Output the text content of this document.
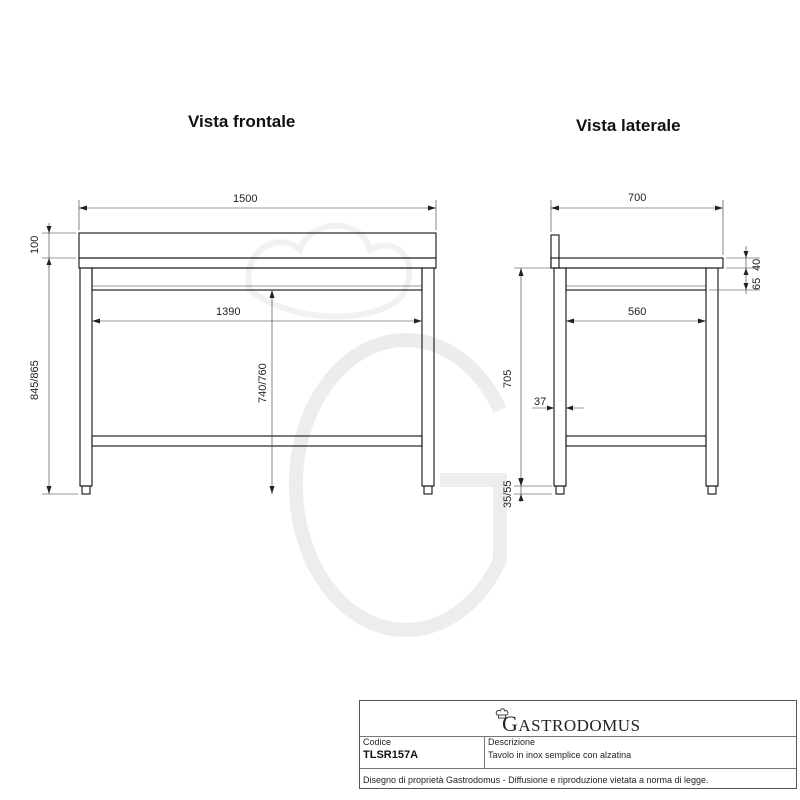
1500
1390
740/760
100
845/865
700
560
37
705
35/55
40
65
Vista frontale	Vista laterale
GASTRODOMUS
Codice	Descrizione
TLSR157A	Tavolo in inox semplice con alzatina
Disegno di proprietà Gastrodomus - Diffusione e riproduzione vietata a norma di legge.
